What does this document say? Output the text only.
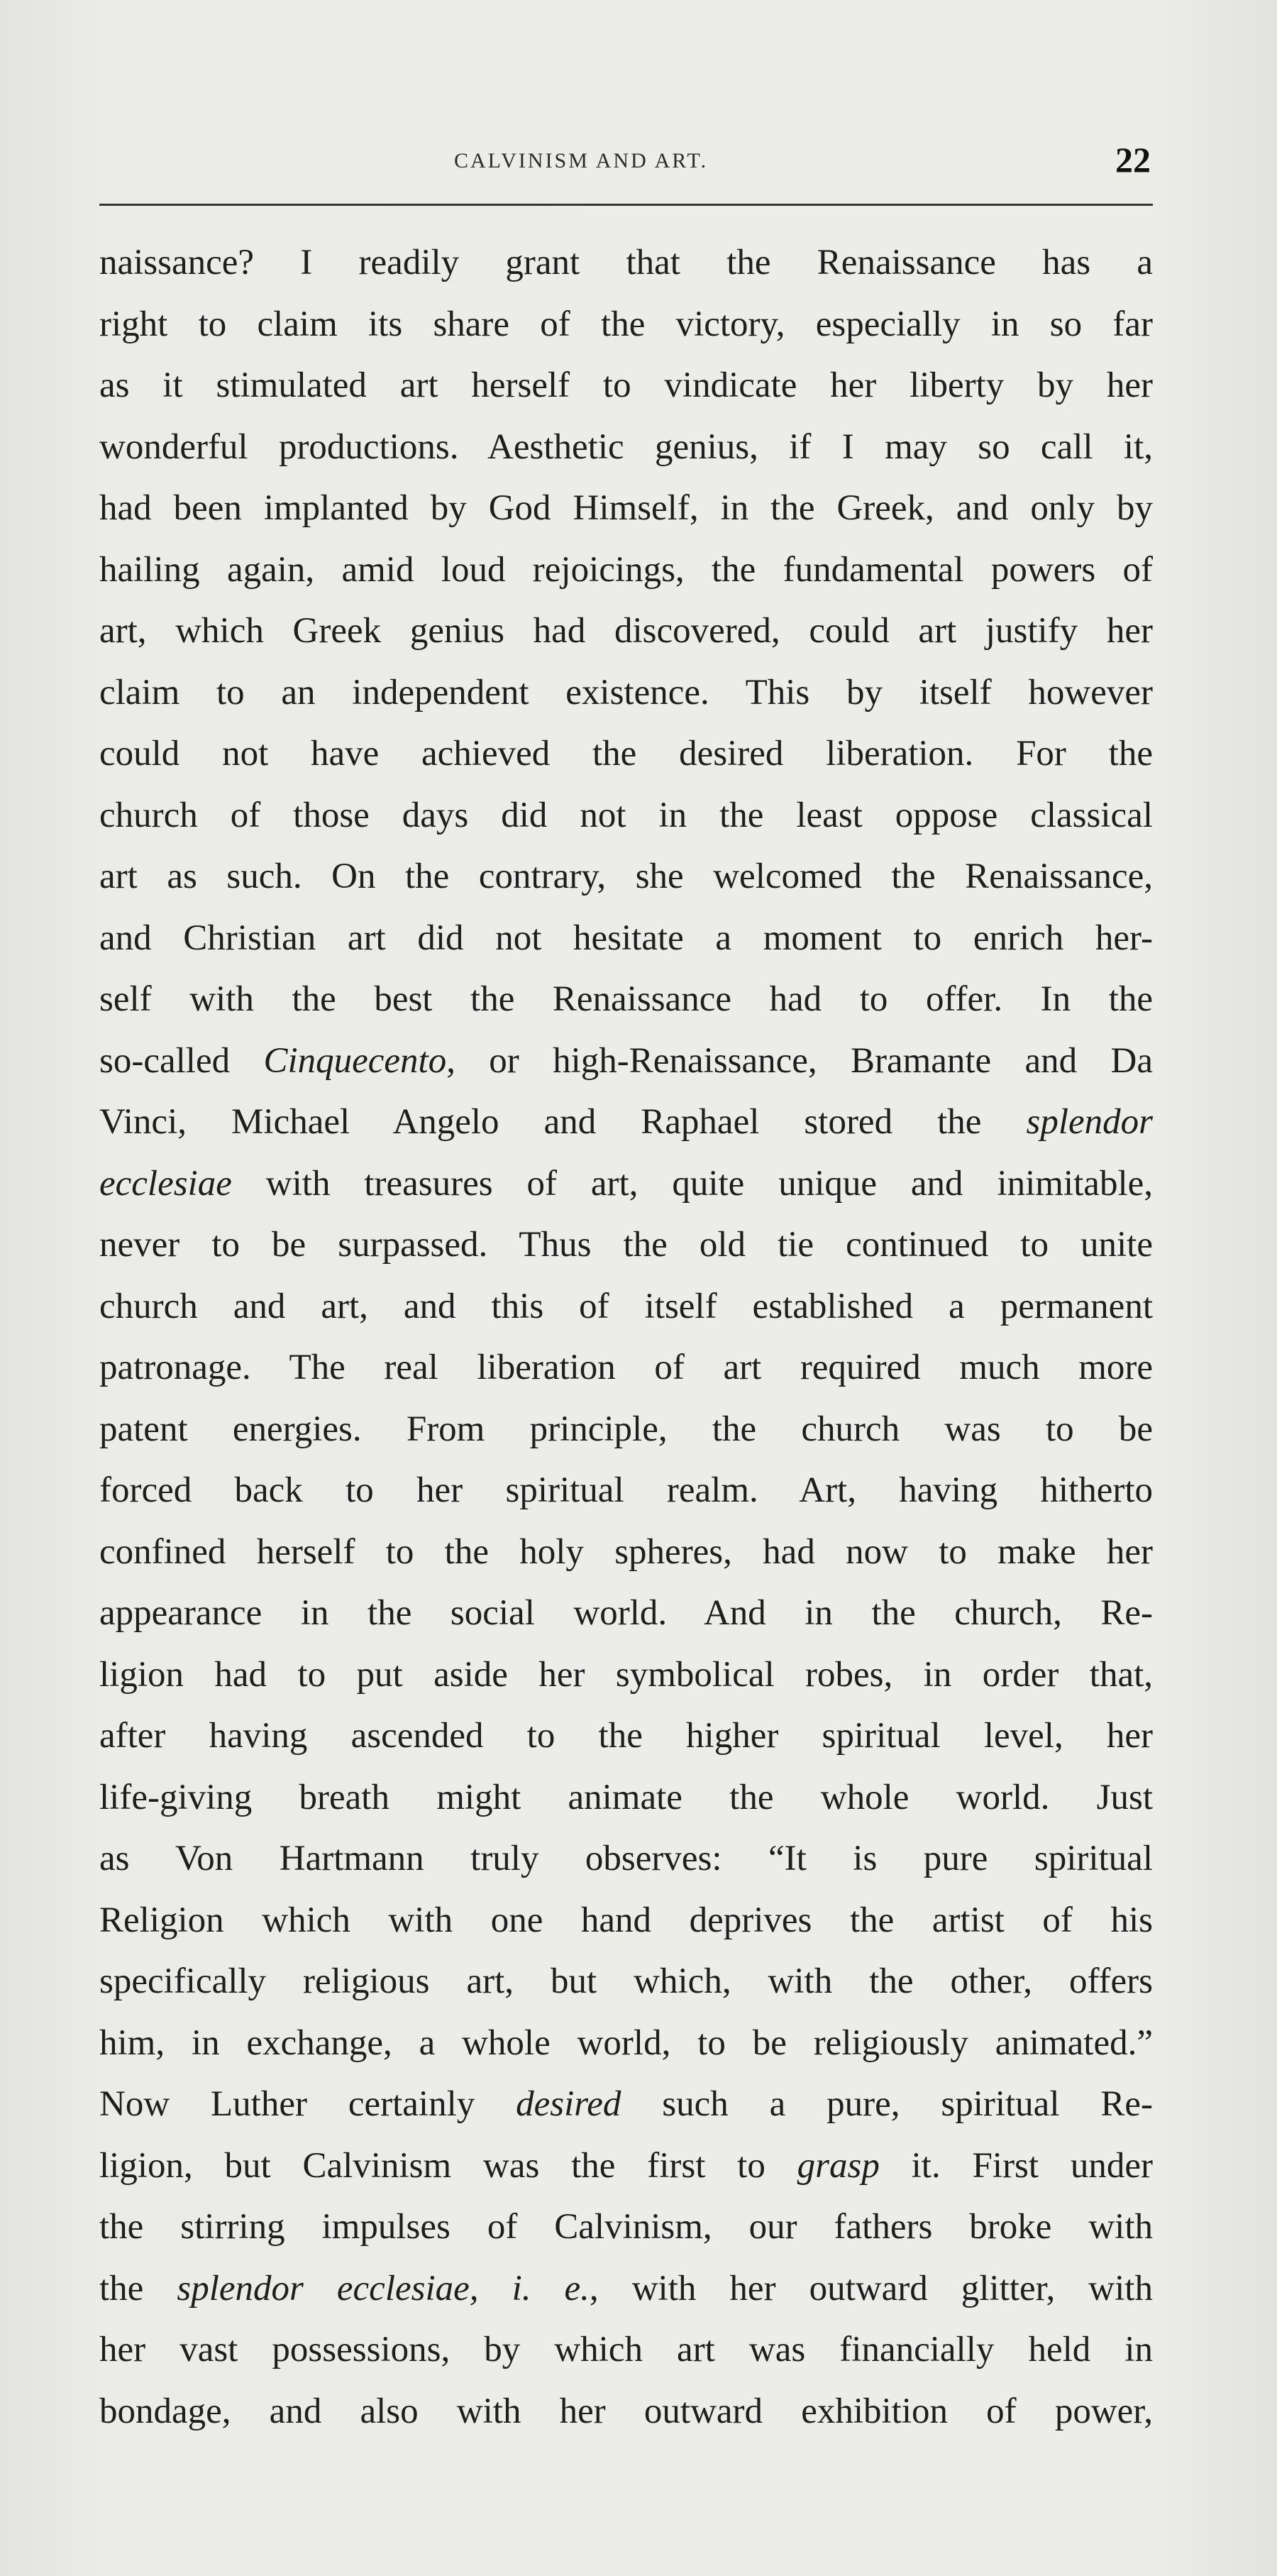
CALVINISM AND ART.	22
naissance? I readily grant that the Renaissance has a
right to claim its share of the victory, especially in so far
as it stimulated art herself to vindicate her liberty by her
wonderful productions. Aesthetic genius, if I may so call it,
had been implanted by God Himself, in the Greek, and only by
hailing again, amid loud rejoicings, the fundamental powers of
art, which Greek genius had discovered, could art justify her
claim to an independent existence. This by itself however
could not have achieved the desired liberation. For the
church of those days did not in the least oppose classical
art as such. On the contrary, she welcomed the Renaissance,
and Christian art did not hesitate a moment to enrich her-
self with the best the Renaissance had to offer. In the
so-called Cinquecento, or high-Renaissance, Bramante and Da
Vinci, Michael Angelo and Raphael stored the splendor
ecclesiae with treasures of art, quite unique and inimitable,
never to be surpassed. Thus the old tie continued to unite
church and art, and this of itself established a permanent
patronage. The real liberation of art required much more
patent energies. From principle, the church was to be
forced back to her spiritual realm. Art, having hitherto
confined herself to the holy spheres, had now to make her
appearance in the social world. And in the church, Re-
ligion had to put aside her symbolical robes, in order that,
after having ascended to the higher spiritual level, her
life-giving breath might animate the whole world. Just
as Von Hartmann truly observes: “It is pure spiritual
Religion which with one hand deprives the artist of his
specifically religious art, but which, with the other, offers
him, in exchange, a whole world, to be religiously animated.”
Now Luther certainly desired such a pure, spiritual Re-
ligion, but Calvinism was the first to grasp it. First under
the stirring impulses of Calvinism, our fathers broke with
the splendor ecclesiae, i. e., with her outward glitter, with
her vast possessions, by which art was financially held in
bondage, and also with her outward exhibition of power,
